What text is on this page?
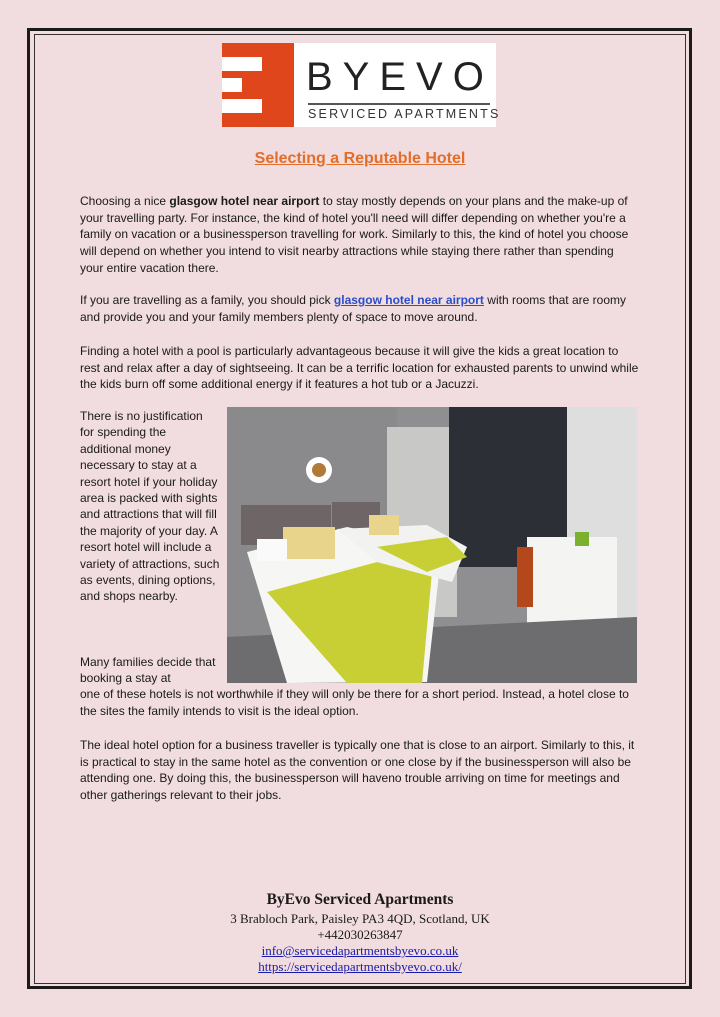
BYEVO
SERVICED APARTMENTS
Selecting a Reputable Hotel

Choosing a nice glasgow hotel near airport to stay mostly depends on your plans and the make-up of your travelling party. For instance, the kind of hotel you'll need will differ depending on whether you're a family on vacation or a businessperson travelling for work. Similarly to this, the kind of hotel you choose will depend on whether you intend to visit nearby attractions while staying there rather than spending your entire vacation there.

If you are travelling as a family, you should pick glasgow hotel near airport with rooms that are roomy and provide you and your family members plenty of space to move around.

Finding a hotel with a pool is particularly advantageous because it will give the kids a great location to rest and relax after a day of sightseeing. It can be a terrific location for exhausted parents to unwind while the kids burn off some additional energy if it features a hot tub or a Jacuzzi.

There is no justification for spending the additional money necessary to stay at a resort hotel if your holiday area is packed with sights and attractions that will fill the majority of your day. A resort hotel will include a variety of attractions, such as events, dining options, and shops nearby.
Many families decide that booking a stay at

one of these hotels is not worthwhile if they will only be there for a short period. Instead, a hotel close to the sites the family intends to visit is the ideal option.

The ideal hotel option for a business traveller is typically one that is close to an airport. Similarly to this, it is practical to stay in the same hotel as the convention or one close by if the businessperson will also be attending one. By doing this, the businessperson will haveno trouble arriving on time for meetings and other gatherings relevant to their jobs.

ByEvo Serviced Apartments
3 Brabloch Park, Paisley PA3 4QD, Scotland, UK
+442030263847
info@servicedapartmentsbyevo.co.uk
https://servicedapartmentsbyevo.co.uk/
